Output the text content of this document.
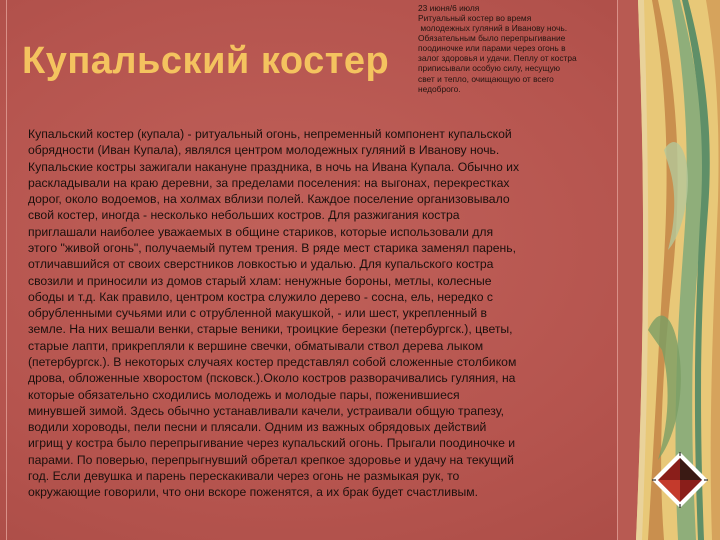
Купальский костер
23 июня/6 июля
Ритуальный костер во время
молодежных гуляний в Иванову ночь.
Обязательным было перепрыгивание
поодиночке или парами через огонь в
залог здоровья и удачи. Пеплу от костра
приписывали особую силу, несущую
свет и тепло, очищающую от всего
недоброго.
Купальский костер (купала) - ритуальный огонь, непременный компонент купальской
обрядности (Иван Купала), являлся центром молодежных гуляний в Иванову ночь.
Купальские костры зажигали накануне праздника, в ночь на Ивана Купала. Обычно их
раскладывали на краю деревни, за пределами поселения: на выгонах, перекрестках
дорог, около водоемов, на холмах вблизи полей. Каждое поселение организовывало
свой костер, иногда - несколько небольших костров. Для разжигания костра
приглашали наиболее уважаемых в общине стариков, которые использовали для
этого "живой огонь", получаемый путем трения. В ряде мест старика заменял парень,
отличавшийся от своих сверстников ловкостью и удалью. Для купальского костра
свозили и приносили из домов старый хлам: ненужные бороны, метлы, колесные
ободы и т.д. Как правило, центром костра служило дерево - сосна, ель, нередко с
обрубленными сучьями или с отрубленной макушкой, - или шест, укрепленный в
земле. На них вешали венки, старые веники, троицкие березки (петербургск.), цветы,
старые лапти, прикрепляли к вершине свечки, обматывали ствол дерева лыком
(петербургск.). В некоторых случаях костер представлял собой сложенные столбиком
дрова, обложенные хворостом (псковск.).Около костров разворачивались гуляния, на
которые обязательно сходились молодежь и молодые пары, поженившиеся
минувшей зимой. Здесь обычно устанавливали качели, устраивали общую трапезу,
водили хороводы, пели песни и плясали. Одним из важных обрядовых действий
игрищ у костра было перепрыгивание через купальский огонь. Прыгали поодиночке и
парами. По поверью, перепрыгнувший обретал крепкое здоровье и удачу на текущий
год. Если девушка и парень перескакивали через огонь не размыкая рук, то
окружающие говорили, что они вскоре поженятся, а их брак будет счастливым.
